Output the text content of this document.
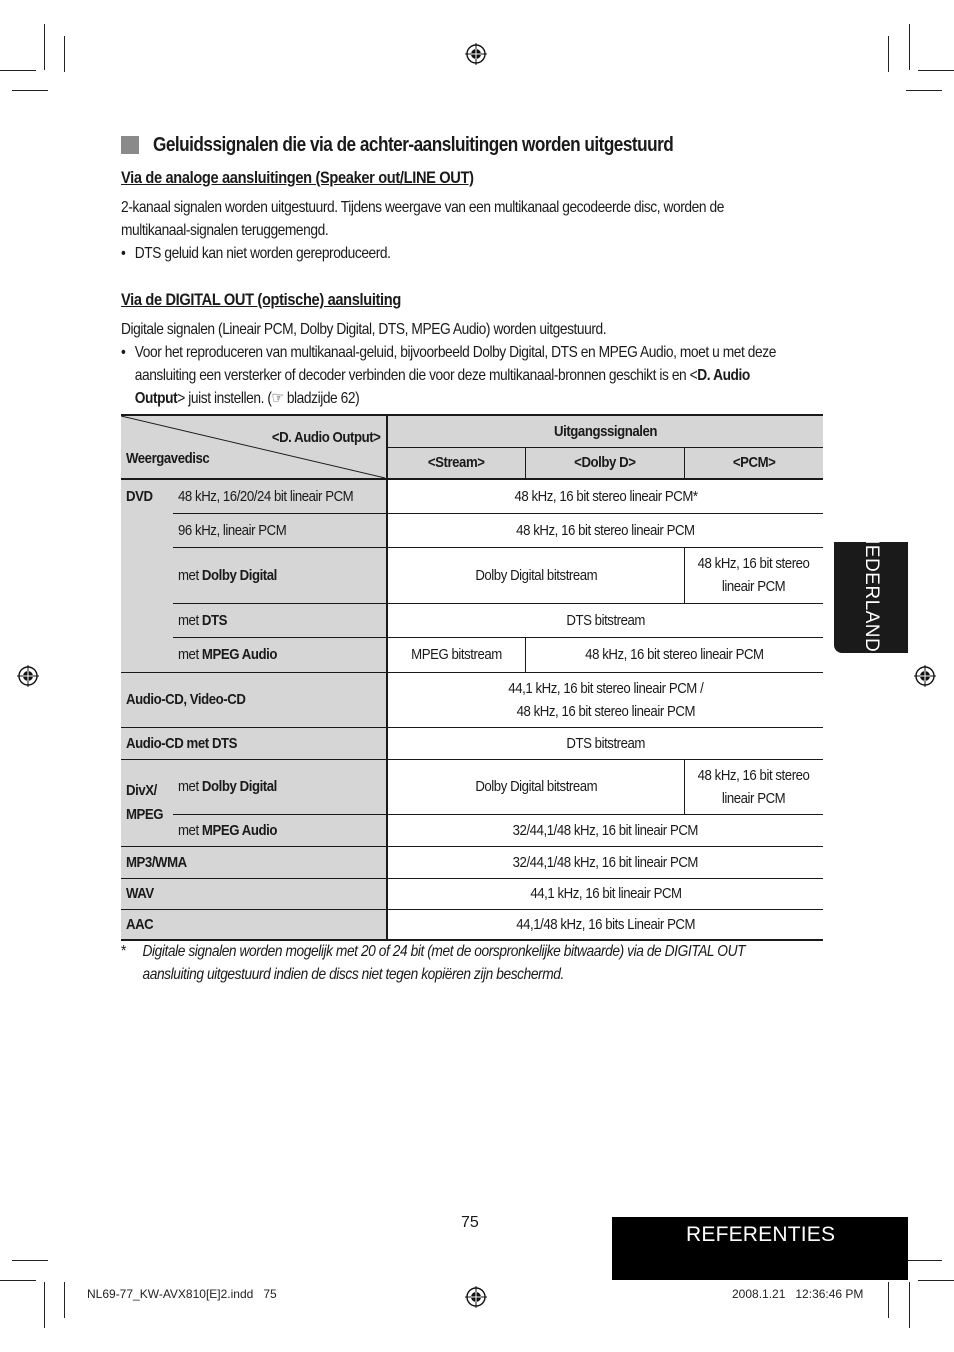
Geluidssignalen die via de achter-aansluitingen worden uitgestuurd
Via de analoge aansluitingen (Speaker out/LINE OUT)
2-kanaal signalen worden uitgestuurd. Tijdens weergave van een multikanaal gecodeerde disc, worden de
multikanaal-signalen teruggemengd.
• DTS geluid kan niet worden gereproduceerd.
Via de DIGITAL OUT (optische) aansluiting
Digitale signalen (Lineair PCM, Dolby Digital, DTS, MPEG Audio) worden uitgestuurd.
• Voor het reproduceren van multikanaal-geluid, bijvoorbeeld Dolby Digital, DTS en MPEG Audio, moet u met deze
aansluiting een versterker of decoder verbinden die voor deze multikanaal-bronnen geschikt is en <D. Audio
Output> juist instellen. (☞ bladzijde 62)
<D. Audio Output>
Weergavedisc		Uitgangssignalen		
		<Stream>	<Dolby D>	<PCM>
DVD	48 kHz, 16/20/24 bit lineair PCM	48 kHz, 16 bit stereo lineair PCM*		
	96 kHz, lineair PCM	48 kHz, 16 bit stereo lineair PCM		
	met Dolby Digital	Dolby Digital bitstream		48 kHz, 16 bit stereo
lineair PCM
	met DTS	DTS bitstream		
	met MPEG Audio	MPEG bitstream	48 kHz, 16 bit stereo lineair PCM	
Audio-CD, Video-CD		44,1 kHz, 16 bit stereo lineair PCM /
48 kHz, 16 bit stereo lineair PCM		
Audio-CD met DTS		DTS bitstream		
DivX/
MPEG	met Dolby Digital	Dolby Digital bitstream		48 kHz, 16 bit stereo
lineair PCM
	met MPEG Audio	32/44,1/48 kHz, 16 bit lineair PCM		
MP3/WMA		32/44,1/48 kHz, 16 bit lineair PCM		
WAV		44,1 kHz, 16 bit lineair PCM		
AAC		44,1/48 kHz, 16 bits Lineair PCM		
* Digitale signalen worden mogelijk met 20 of 24 bit (met de oorspronkelijke bitwaarde) via de DIGITAL OUT
aansluiting uitgestuurd indien de discs niet tegen kopiëren zijn beschermd.
NEDERLANDS
75
REFERENTIES
NL69-77_KW-AVX810[E]2.indd   75	2008.1.21   12:36:46 PM
